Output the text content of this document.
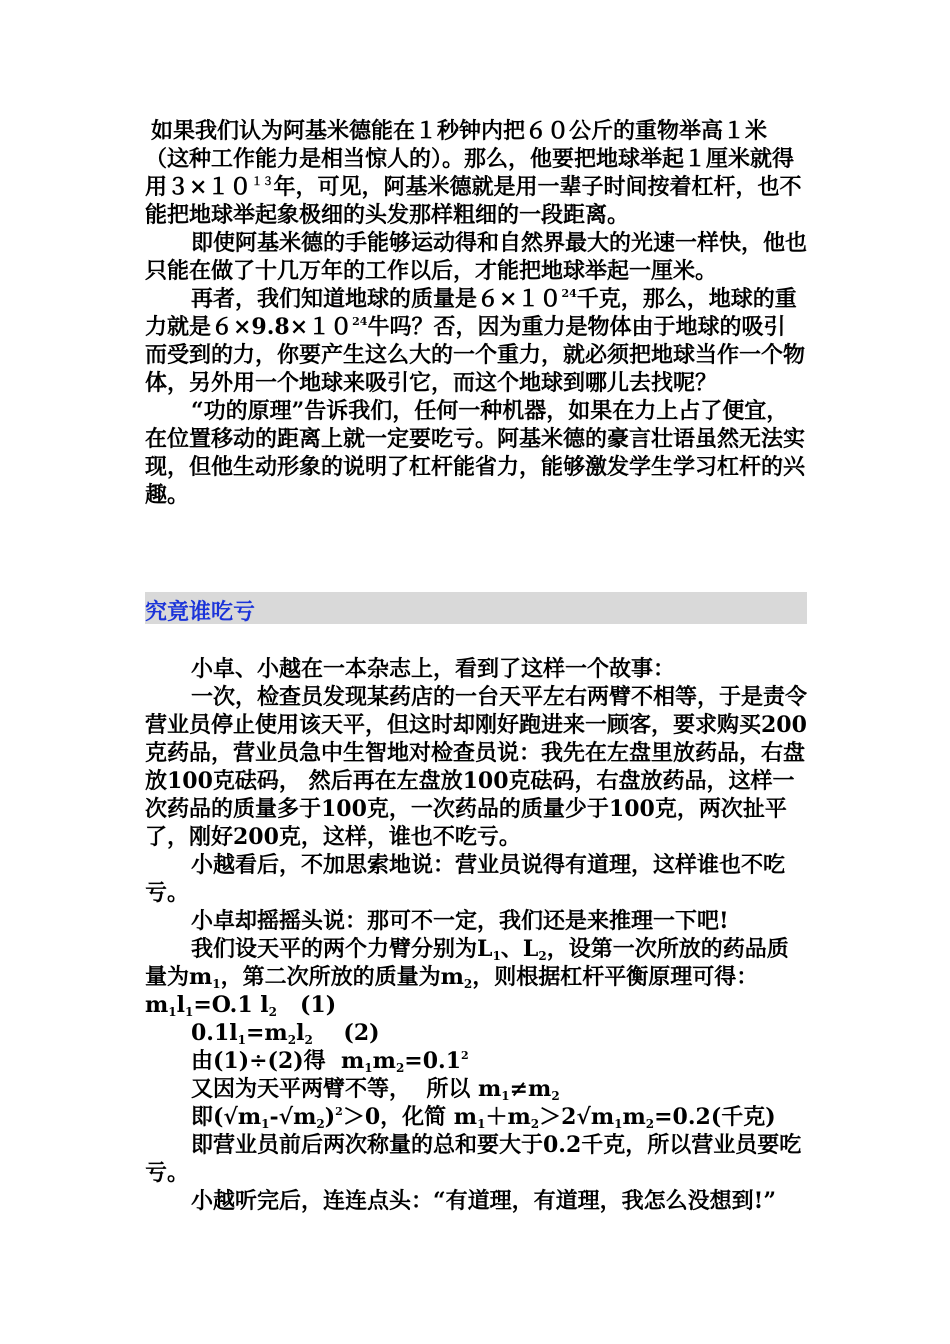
如果我们认为阿基米德能在１秒钟内把６０公斤的重物举高１米（这种工作能力是相当惊人的）。那么，他要把地球举起１厘米就得用$3\times 10^{13}$年，可见，阿基米德就是用一辈子时间按着杠杆，也不能把地球举起象极细的头发那样粗细的一段距离。

即使阿基米德的手能够运动得和自然界最大的光速一样快，他也只能在做了十几万年的工作以后，才能把地球举起一厘米。

再者，我们知道地球的质量是$6\times 10^{24}$千克，那么，地球的重力就是$6\times 9.8\times 10^{24}$牛吗？否，因为重力是物体由于地球的吸引而受到的力，你要产生这么大的一个重力，就必须把地球当作一个物体，另外用一个地球来吸引它，而这个地球到哪儿去找呢？

“功的原理”告诉我们，任何一种机器，如果在力上占了便宜，在位置移动的距离上就一定要吃亏。阿基米德的豪言壮语虽然无法实现，但他生动形象的说明了杠杆能省力，能够激发学生学习杠杆的兴趣。

究竟谁吃亏

小卓、小越在一本杂志上，看到了这样一个故事：

一次，检查员发现某药店的一台天平左右两臂不相等，于是责令营业员停止使用该天平，但这时却刚好跑进来一顾客，要求购买200克药品，营业员急中生智地对检查员说：我先在左盘里放药品，右盘放100克砝码， 然后再在左盘放100克砝码，右盘放药品，这样一次药品的质量多于100克，一次药品的质量少于100克，两次扯平了，刚好200克，这样，谁也不吃亏。

小越看后，不加思索地说：营业员说得有道理，这样谁也不吃亏。

小卓却摇摇头说：那可不一定，我们还是来推理一下吧!

我们设天平的两个力臂分别为$L_1$、$L_2$，设第一次所放的药品质量为$m_1$，第二次所放的质量为$m_2$，则根据杠杆平衡原理可得：

$m_1l_1=O.1$ $l_2$   (1)

$0.1l_1=m_2l_2$    (2)

由(1)÷(2)得  $m_1m_2=0.1^2$

又因为天平两臂不等，  所以 $m_1\ne m_2$

即$(√m_1-√m_2)^2>0$，化简 $m_1+m_2>2√m_1m_2=0.2$(千克)

即营业员前后两次称量的总和要大于0.2千克，所以营业员要吃亏。

小越听完后，连连点头：“有道理，有道理，我怎么没想到!”
